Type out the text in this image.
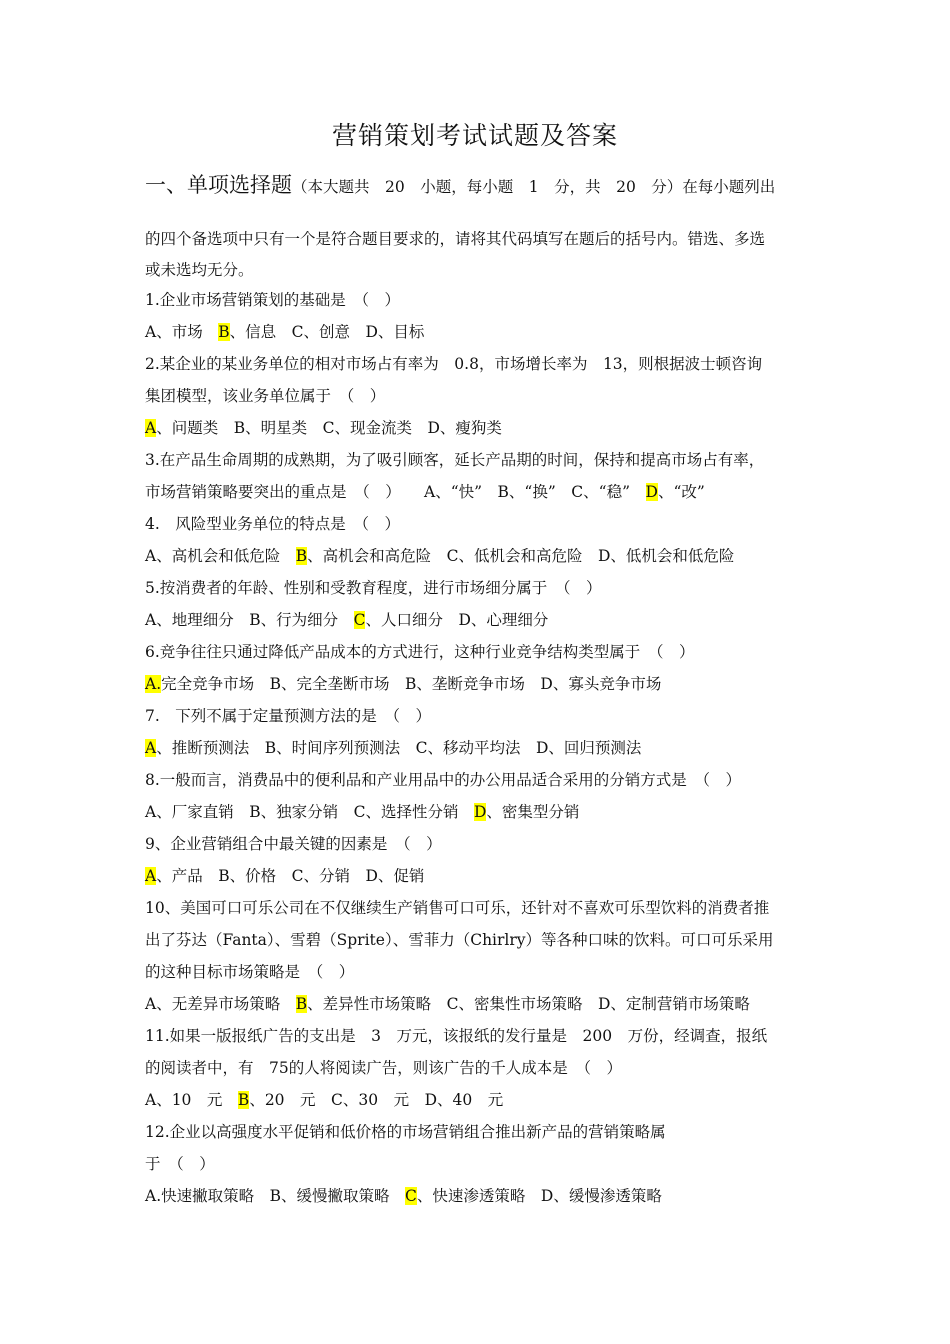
营销策划考试试题及答案
一、单项选择题（本大题共　20　小题，每小题　1　分，共　20　分）在每小题列出
的四个备选项中只有一个是符合题目要求的，请将其代码填写在题后的括号内。错选、多选
或未选均无分。
1.企业市场营销策划的基础是　（　）
A、市场　B、信息　C、创意　D、目标
2.某企业的某业务单位的相对市场占有率为　0.8，市场增长率为　13，则根据波士顿咨询
集团模型，该业务单位属于　（　）
A、问题类　B、明星类　C、现金流类　D、瘦狗类
3.在产品生命周期的成熟期，为了吸引顾客，延长产品期的时间，保持和提高市场占有率，
市场营销策略要突出的重点是　（　）　　A、“快”　B、“换”　C、“稳”　D、“改”
4.　风险型业务单位的特点是　（　）
A、高机会和低危险　B、高机会和高危险　C、低机会和高危险　D、低机会和低危险
5.按消费者的年龄、性别和受教育程度，进行市场细分属于　（　）
A、地理细分　B、行为细分　C、人口细分　D、心理细分
6.竞争往往只通过降低产品成本的方式进行，这种行业竞争结构类型属于　（　）
A.完全竞争市场　B、完全垄断市场　B、垄断竞争市场　D、寡头竞争市场
7.　下列不属于定量预测方法的是　（　）
A、推断预测法　B、时间序列预测法　C、移动平均法　D、回归预测法
8.一般而言，消费品中的便利品和产业用品中的办公用品适合采用的分销方式是　（　）
A、厂家直销　B、独家分销　C、选择性分销　D、密集型分销
9、企业营销组合中最关键的因素是　（　）
A、产品　B、价格　C、分销　D、促销
10、美国可口可乐公司在不仅继续生产销售可口可乐，还针对不喜欢可乐型饮料的消费者推
出了芬达（Fanta）、雪碧（Sprite）、雪菲力（Chirlry）等各种口味的饮料。可口可乐采用
的这种目标市场策略是　（　）
A、无差异市场策略　B、差异性市场策略　C、密集性市场策略　D、定制营销市场策略
11.如果一版报纸广告的支出是　3　万元，该报纸的发行量是　200　万份，经调查，报纸
的阅读者中，有　75的人将阅读广告，则该广告的千人成本是　（　）
A、10　元　B、20　元　C、30　元　D、40　元
12.企业以高强度水平促销和低价格的市场营销组合推出新产品的营销策略属
于　（　）
A.快速撇取策略　B、缓慢撇取策略　C、快速渗透策略　D、缓慢渗透策略
